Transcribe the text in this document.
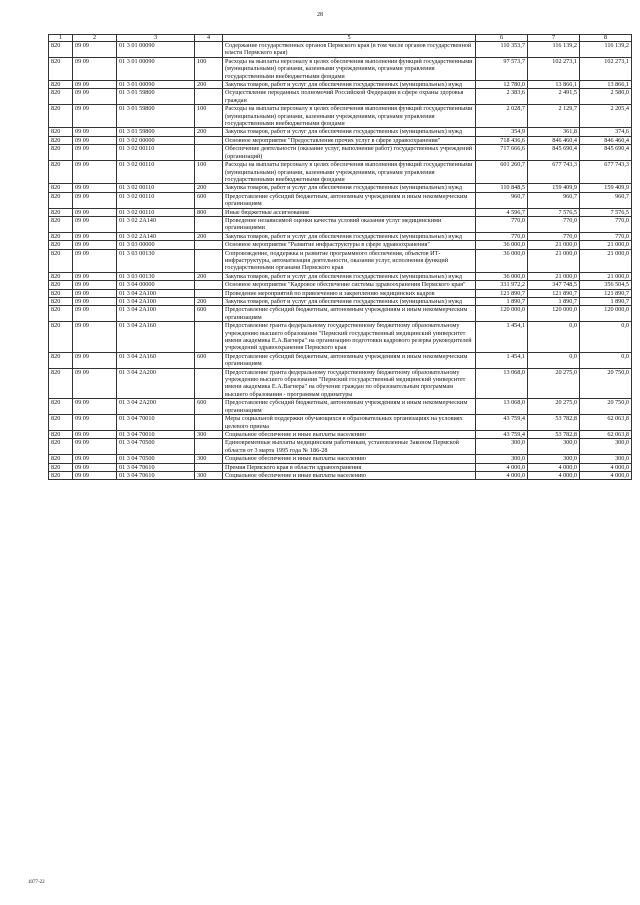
28
1	2	3	4	5	6	7	8
820	09 09	01 3 01 00090		Содержание государственных органов Пермского края (в том числе органов государственной власти Пермского края)	110 353,7	116 139,2	116 139,2
820	09 09	01 3 01 00090	100	Расходы на выплаты персоналу в целях обеспечения выполнения функций государственными (муниципальными) органами, казенными учреждениями, органами управления государственными внебюджетными фондами	97 573,7	102 273,1	102 273,1
820	09 09	01 3 01 00090	200	Закупка товаров, работ и услуг для обеспечения государственных (муниципальных) нужд	12 780,0	13 866,1	13 866,1
820	09 09	01 3 01 59800		Осуществление переданных полномочий Российской Федерации в сфере охраны здоровья граждан	2 383,6	2 491,5	2 580,0
820	09 09	01 3 01 59800	100	Расходы на выплаты персоналу в целях обеспечения выполнения функций государственными (муниципальными) органами, казенными учреждениями, органами управления государственными внебюджетными фондами	2 028,7	2 129,7	2 205,4
820	09 09	01 3 01 59800	200	Закупка товаров, работ и услуг для обеспечения государственных (муниципальных) нужд	354,9	361,8	374,6
820	09 09	01 3 02 00000		Основное мероприятие "Предоставление прочих услуг в сфере здравоохранения"	718 436,6	846 460,4	846 460,4
820	09 09	01 3 02 00110		Обеспечение деятельности (оказание услуг, выполнение работ) государственных учреждений (организаций)	717 666,6	845 690,4	845 690,4
820	09 09	01 3 02 00110	100	Расходы на выплаты персоналу в целях обеспечения выполнения функций государственными (муниципальными) органами, казенными учреждениями, органами управления государственными внебюджетными фондами	601 260,7	677 743,3	677 743,3
820	09 09	01 3 02 00110	200	Закупка товаров, работ и услуг для обеспечения государственных (муниципальных) нужд	110 848,5	159 409,9	159 409,9
820	09 09	01 3 02 00110	600	Предоставление субсидий бюджетным, автономным учреждениям и иным некоммерческим организациям	960,7	960,7	960,7
820	09 09	01 3 02 00110	800	Иные бюджетные ассигнования	4 596,7	7 576,5	7 576,5
820	09 09	01 3 02 2А140		Проведение независимой оценки качества условий оказания услуг медицинскими организациями	770,0	770,0	770,0
820	09 09	01 3 02 2А140	200	Закупка товаров, работ и услуг для обеспечения государственных (муниципальных) нужд	770,0	770,0	770,0
820	09 09	01 3 03 00000		Основное мероприятие "Развитие инфраструктуры в сфере здравоохранения"	36 000,0	21 000,0	21 000,0
820	09 09	01 3 03 00130		Сопровождение, поддержка и развитие программного обеспечения, объектов ИТ-инфраструктуры, автоматизация деятельности, оказания услуг, исполнения функций государственными органами Пермского края	36 000,0	21 000,0	21 000,0
820	09 09	01 3 03 00130	200	Закупка товаров, работ и услуг для обеспечения государственных (муниципальных) нужд	36 000,0	21 000,0	21 000,0
820	09 09	01 3 04 00000		Основное мероприятие "Кадровое обеспечение системы здравоохранения Пермского края"	331 972,2	347 748,5	356 504,5
820	09 09	01 3 04 2А100		Проведение мероприятий по привлечению и закреплению медицинских кадров	121 890,7	121 890,7	121 890,7
820	09 09	01 3 04 2А100	200	Закупка товаров, работ и услуг для обеспечения государственных (муниципальных) нужд	1 890,7	1 890,7	1 890,7
820	09 09	01 3 04 2А100	600	Предоставление субсидий бюджетным, автономным учреждениям и иным некоммерческим организациям	120 000,0	120 000,0	120 000,0
820	09 09	01 3 04 2А160		Предоставление гранта федеральному государственному бюджетному образовательному учреждению высшего образования "Пермский государственный медицинский университет имени академика Е.А.Вагнера" на организацию подготовки кадрового резерва руководителей учреждений здравоохранения Пермского края	1 454,1	0,0	0,0
820	09 09	01 3 04 2А160	600	Предоставление субсидий бюджетным, автономным учреждениям и иным некоммерческим организациям	1 454,1	0,0	0,0
820	09 09	01 3 04 2А200		Предоставление гранта федеральному государственному бюджетному образовательному учреждению высшего образования "Пермский государственный медицинский университет имени академика Е.А.Вагнера" на обучение граждан по образовательным программам высшего образования - программам ординатуры	13 068,0	20 275,0	20 750,0
820	09 09	01 3 04 2А200	600	Предоставление субсидий бюджетным, автономным учреждениям и иным некоммерческим организациям	13 068,0	20 275,0	20 750,0
820	09 09	01 3 04 70010		Меры социальной поддержки обучающихся в образовательных организациях на условиях целевого приема	43 759,4	53 782,8	62 063,8
820	09 09	01 3 04 70010	300	Социальное обеспечение и иные выплаты населению	43 759,4	53 782,8	62 063,8
820	09 09	01 3 04 70500		Единовременные выплаты медицинским работникам, установленные Законом Пермской области от 3 марта 1995 года № 186-28	300,0	300,0	300,0
820	09 09	01 3 04 70500	300	Социальное обеспечение и иные выплаты населению	300,0	300,0	300,0
820	09 09	01 3 04 70610		Премия Пермского края в области здравоохранения	4 000,0	4 000,0	4 000,0
820	09 09	01 3 04 70610	300	Социальное обеспечение и иные выплаты населению	4 000,0	4 000,0	4 000,0
1077-22
